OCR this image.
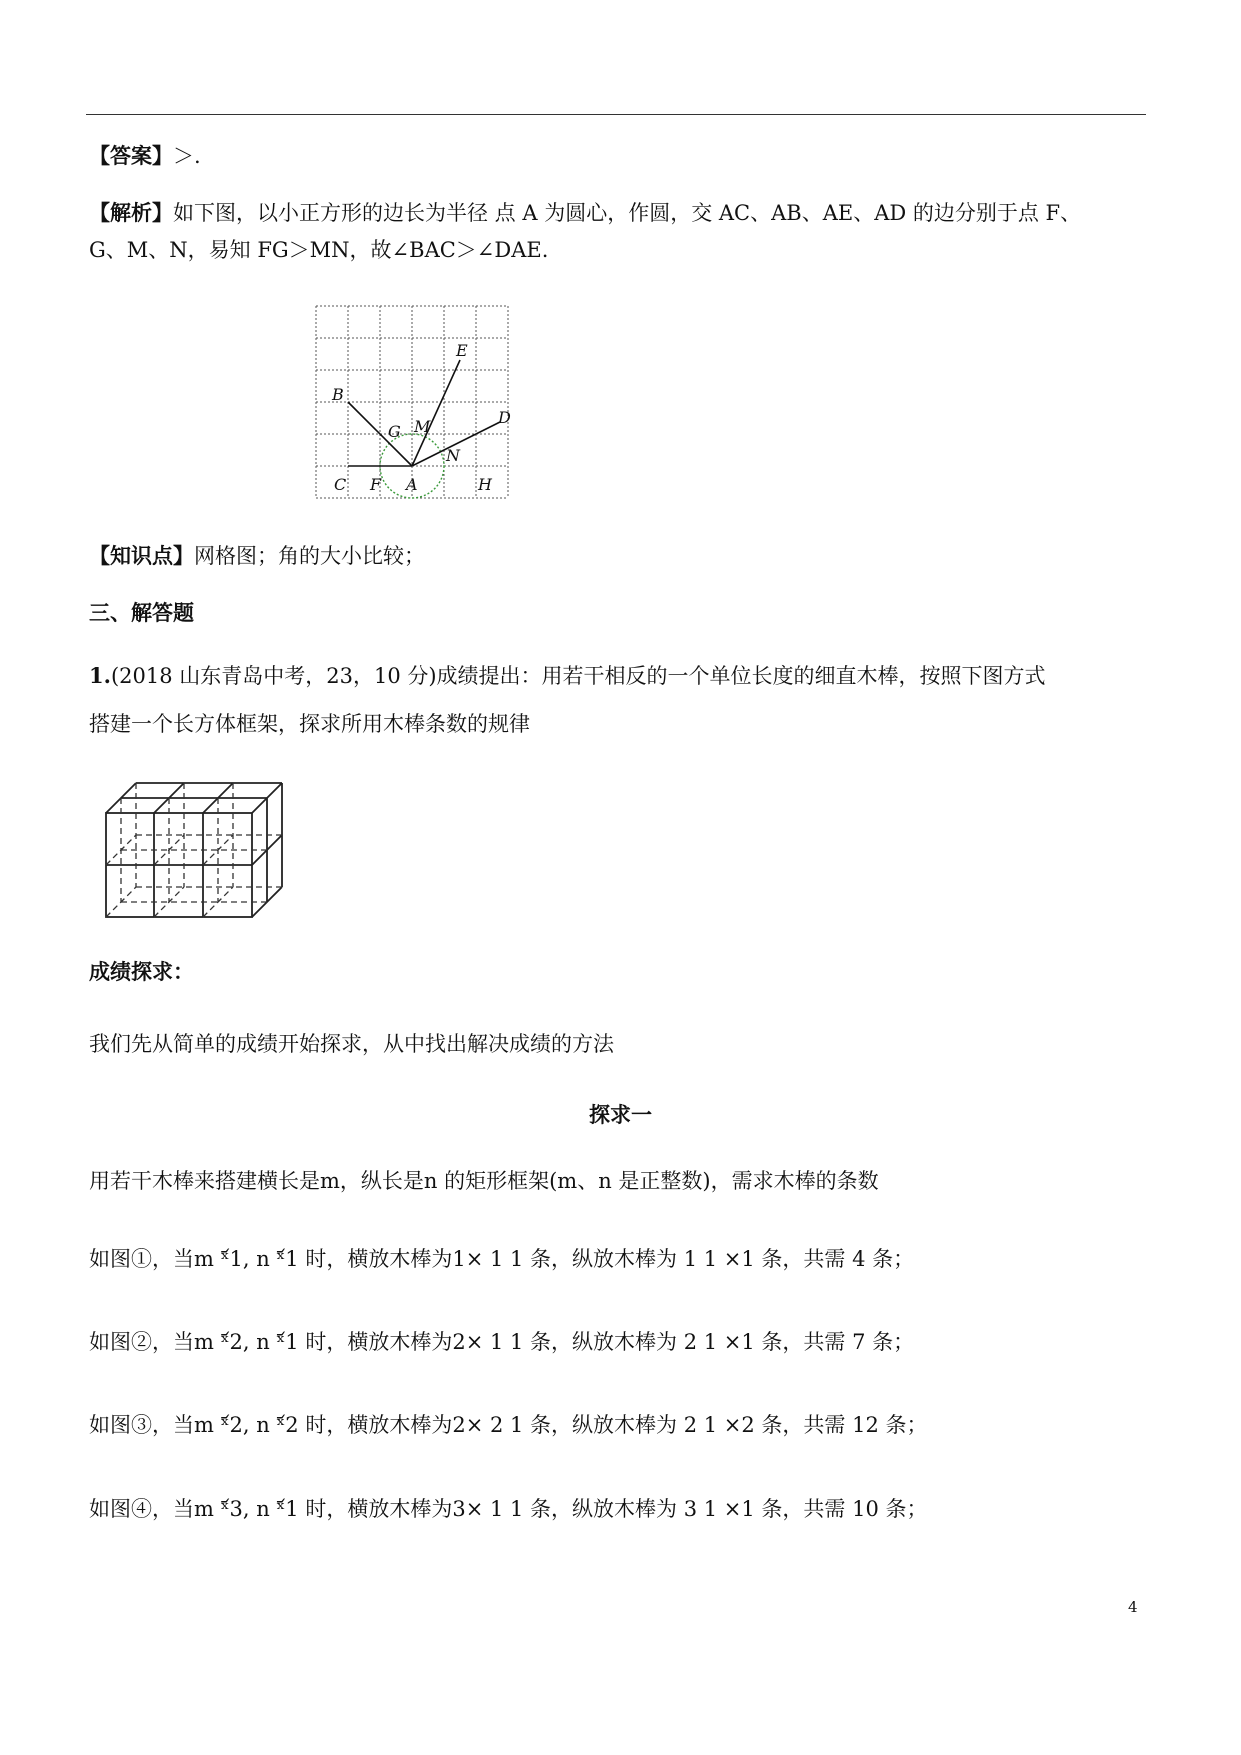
【答案】＞.
【解析】如下图，以小正方形的边长为半径 点 A 为圆心，作圆，交 AC、AB、AE、AD 的边分别于点 F、
G、M、N，易知 FG＞MN，故∠BAC＞∠DAE.
B
E
D
G M
N
C F A	H
【知识点】网格图；角的大小比较；
三、解答题
1.(2018 山东青岛中考，23，10 分)成绩提出：用若干相反的一个单位长度的细直木棒，按照下图方式
搭建一个长方体框架，探求所用木棒条数的规律
成绩探求：
我们先从简单的成绩开始探求，从中找出解决成绩的方法
探求一
用若干木棒来搭建横长是m，纵长是n 的矩形框架(m、n 是正整数)，需求木棒的条数
如图①，当m ˣ᷄1, n ˣ᷄1 时，横放木棒为1× 1 1 条，纵放木棒为 1 1 ×1 条，共需 4 条；
如图②，当m ˣ᷄2, n ˣ᷄1 时，横放木棒为2× 1 1 条，纵放木棒为 2 1 ×1 条，共需 7 条；
如图③，当m ˣ᷄2, n ˣ᷄2 时，横放木棒为2× 2 1 条，纵放木棒为 2 1 ×2 条，共需 12 条；
如图④，当m ˣ᷄3, n ˣ᷄1 时，横放木棒为3× 1 1 条，纵放木棒为 3 1 ×1 条，共需 10 条；
4
